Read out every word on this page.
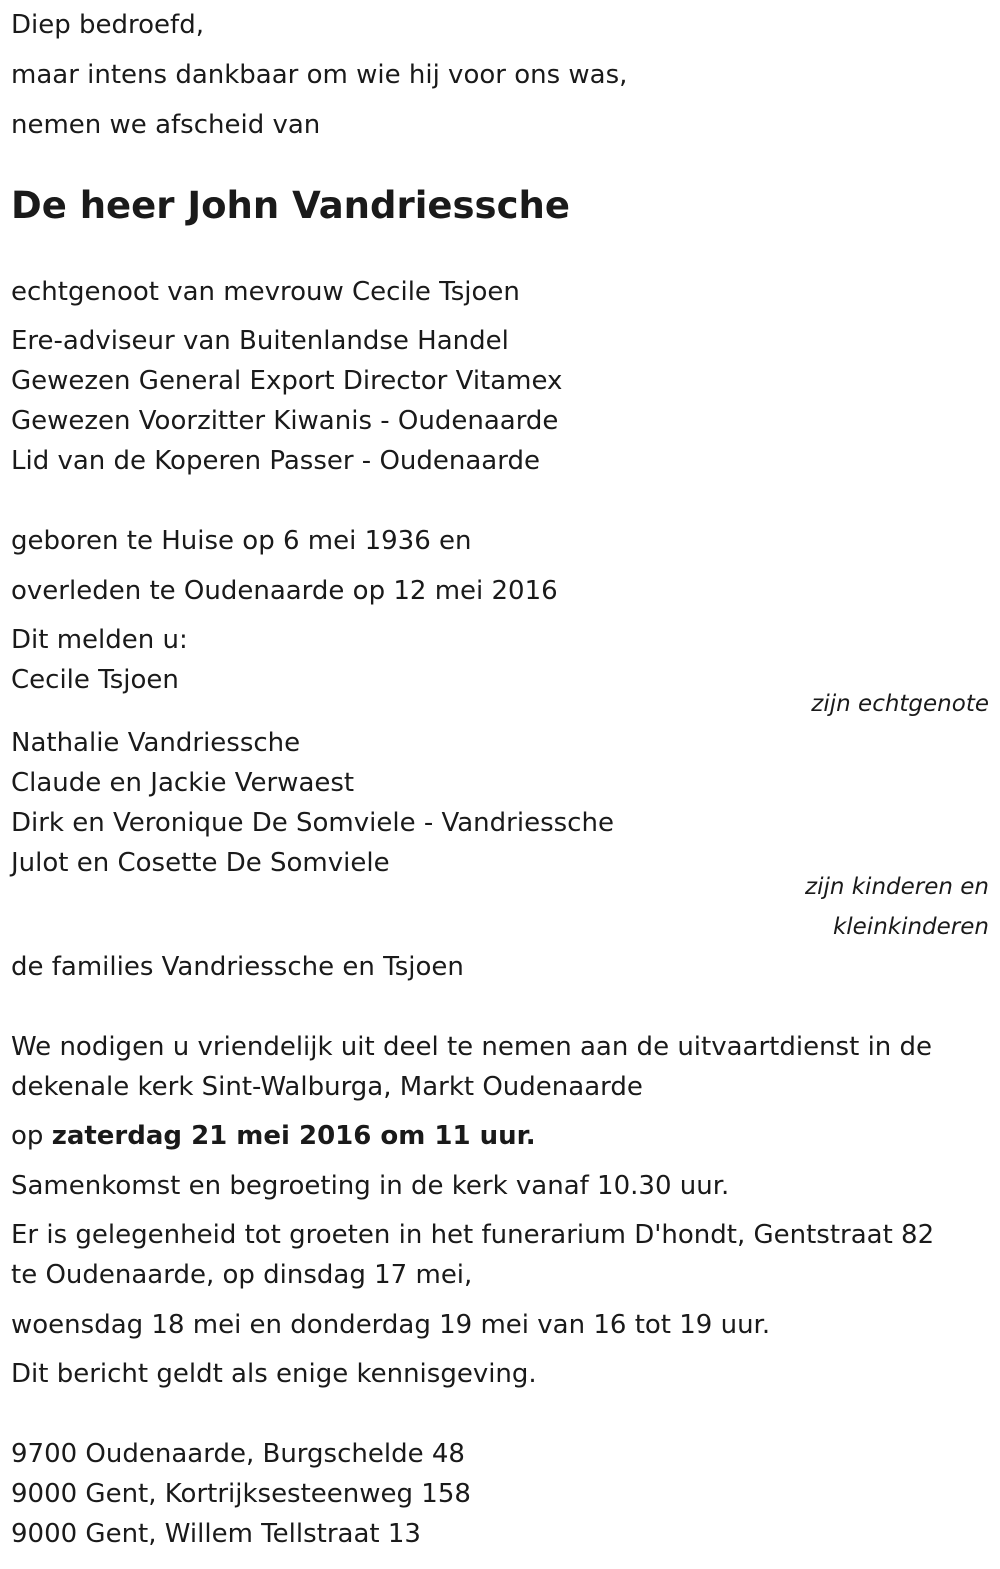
Diep bedroefd,
maar intens dankbaar om wie hij voor ons was,
nemen we afscheid van
De heer John Vandriessche
echtgenoot van mevrouw Cecile Tsjoen
Ere-adviseur van Buitenlandse Handel
Gewezen General Export Director Vitamex
Gewezen Voorzitter Kiwanis - Oudenaarde
Lid van de Koperen Passer - Oudenaarde
geboren te Huise op 6 mei 1936 en
overleden te Oudenaarde op 12 mei 2016
Dit melden u:
Cecile Tsjoen
zijn echtgenote
Nathalie Vandriessche
Claude en Jackie Verwaest
Dirk en Veronique De Somviele - Vandriessche
Julot en Cosette De Somviele
zijn kinderen en
kleinkinderen
de families Vandriessche en Tsjoen
We nodigen u vriendelijk uit deel te nemen aan de uitvaartdienst in de
dekenale kerk Sint-Walburga, Markt Oudenaarde
op zaterdag 21 mei 2016 om 11 uur.
Samenkomst en begroeting in de kerk vanaf 10.30 uur.
Er is gelegenheid tot groeten in het funerarium D'hondt, Gentstraat 82
te Oudenaarde, op dinsdag 17 mei,
woensdag 18 mei en donderdag 19 mei van 16 tot 19 uur.
Dit bericht geldt als enige kennisgeving.
9700 Oudenaarde, Burgschelde 48
9000 Gent, Kortrijksesteenweg 158
9000 Gent, Willem Tellstraat 13
